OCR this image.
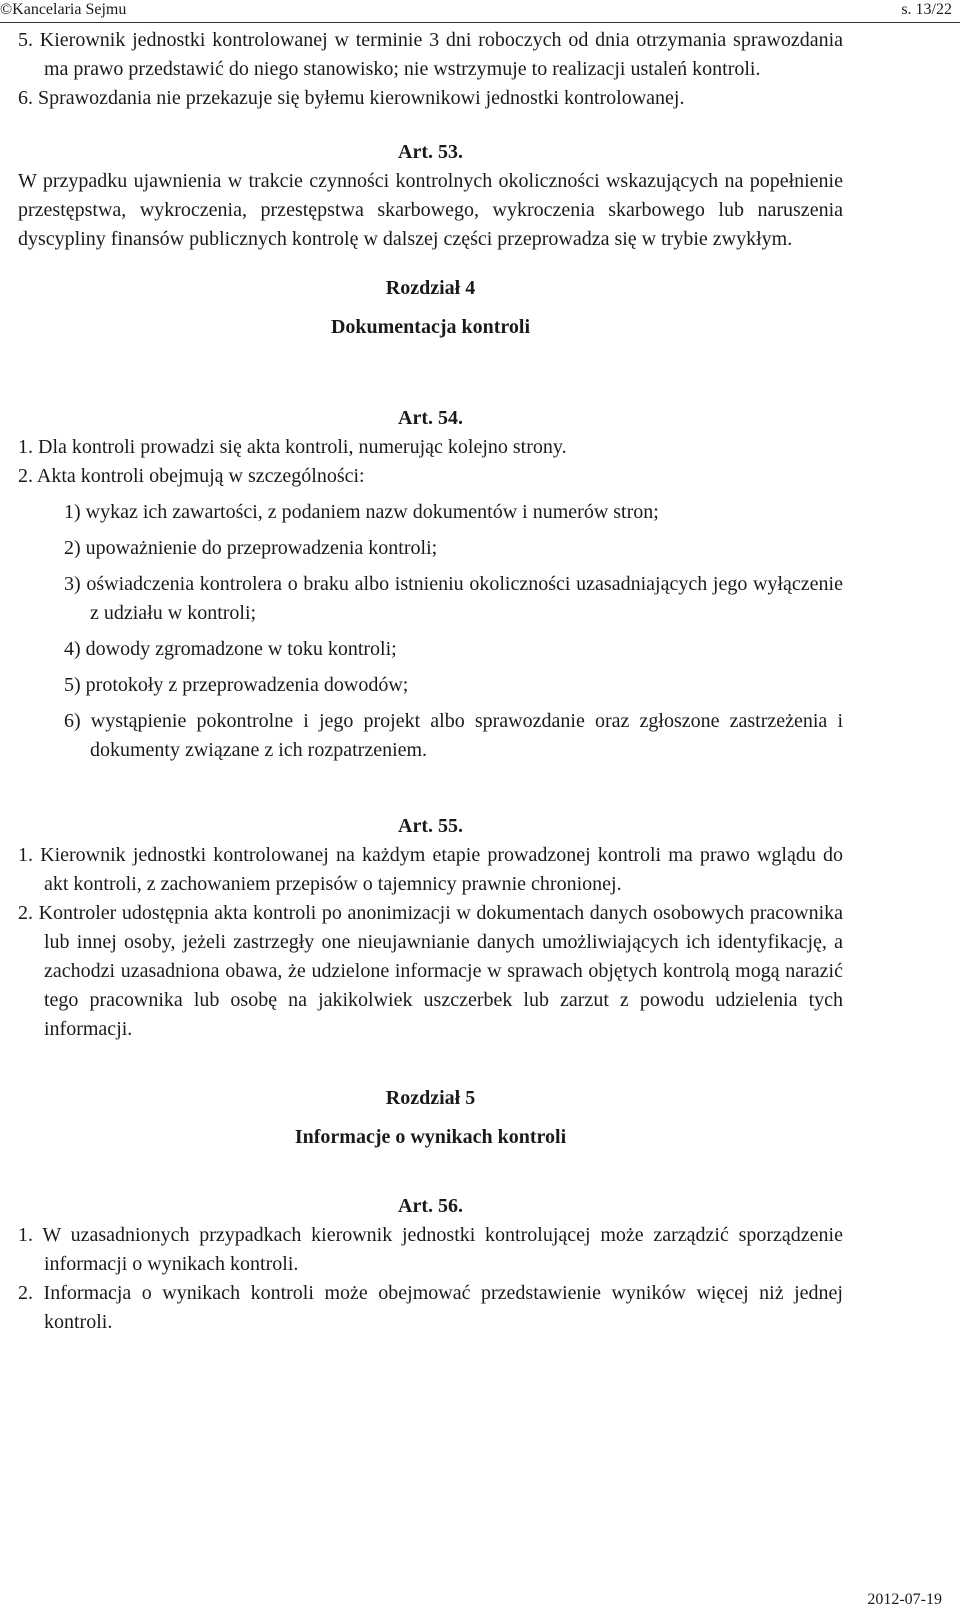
©Kancelaria Sejmu	s. 13/22

5. Kierownik jednostki kontrolowanej w terminie 3 dni roboczych od dnia otrzymania sprawozdania ma prawo przedstawić do niego stanowisko; nie wstrzymuje to realizacji ustaleń kontroli.

6. Sprawozdania nie przekazuje się byłemu kierownikowi jednostki kontrolowanej.

Art. 53.

W przypadku ujawnienia w trakcie czynności kontrolnych okoliczności wskazujących na popełnienie przestępstwa, wykroczenia, przestępstwa skarbowego, wykroczenia skarbowego lub naruszenia dyscypliny finansów publicznych kontrolę w dalszej części przeprowadza się w trybie zwykłym.

Rozdział 4

Dokumentacja kontroli

Art. 54.

1. Dla kontroli prowadzi się akta kontroli, numerując kolejno strony.

2. Akta kontroli obejmują w szczególności:

1) wykaz ich zawartości, z podaniem nazw dokumentów i numerów stron;

2) upoważnienie do przeprowadzenia kontroli;

3) oświadczenia kontrolera o braku albo istnieniu okoliczności uzasadniających jego wyłączenie z udziału w kontroli;

4) dowody zgromadzone w toku kontroli;

5) protokoły z przeprowadzenia dowodów;

6) wystąpienie pokontrolne i jego projekt albo sprawozdanie oraz zgłoszone zastrzeżenia i dokumenty związane z ich rozpatrzeniem.

Art. 55.

1. Kierownik jednostki kontrolowanej na każdym etapie prowadzonej kontroli ma prawo wglądu do akt kontroli, z zachowaniem przepisów o tajemnicy prawnie chronionej.

2. Kontroler udostępnia akta kontroli po anonimizacji w dokumentach danych osobowych pracownika lub innej osoby, jeżeli zastrzegły one nieujawnianie danych umożliwiających ich identyfikację, a zachodzi uzasadniona obawa, że udzielone informacje w sprawach objętych kontrolą mogą narazić tego pracownika lub osobę na jakikolwiek uszczerbek lub zarzut z powodu udzielenia tych informacji.

Rozdział 5

Informacje o wynikach kontroli

Art. 56.

1. W uzasadnionych przypadkach kierownik jednostki kontrolującej może zarządzić sporządzenie informacji o wynikach kontroli.

2. Informacja o wynikach kontroli może obejmować przedstawienie wyników więcej niż jednej kontroli.

2012-07-19
